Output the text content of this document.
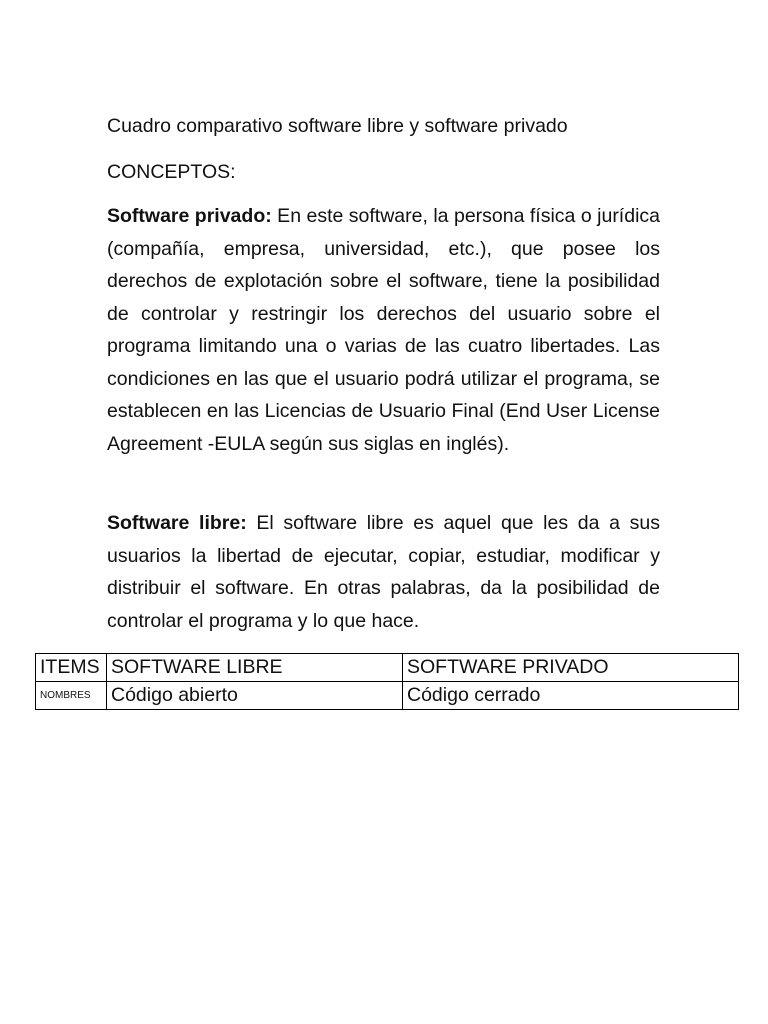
Cuadro comparativo software libre y software privado
CONCEPTOS:
Software privado: En este software, la persona física o jurídica (compañía, empresa, universidad, etc.), que posee los derechos de explotación sobre el software, tiene la posibilidad de controlar y restringir los derechos del usuario sobre el programa limitando una o varias de las cuatro libertades. Las condiciones en las que el usuario podrá utilizar el programa, se establecen en las Licencias de Usuario Final (End User License Agreement -EULA según sus siglas en inglés).
Software libre: El software libre es aquel que les da a sus usuarios la libertad de ejecutar, copiar, estudiar, modificar y distribuir el software. En otras palabras, da la posibilidad de controlar el programa y lo que hace.
ITEMS	SOFTWARE LIBRE	SOFTWARE PRIVADO
NOMBRES	Código abierto	Código cerrado
